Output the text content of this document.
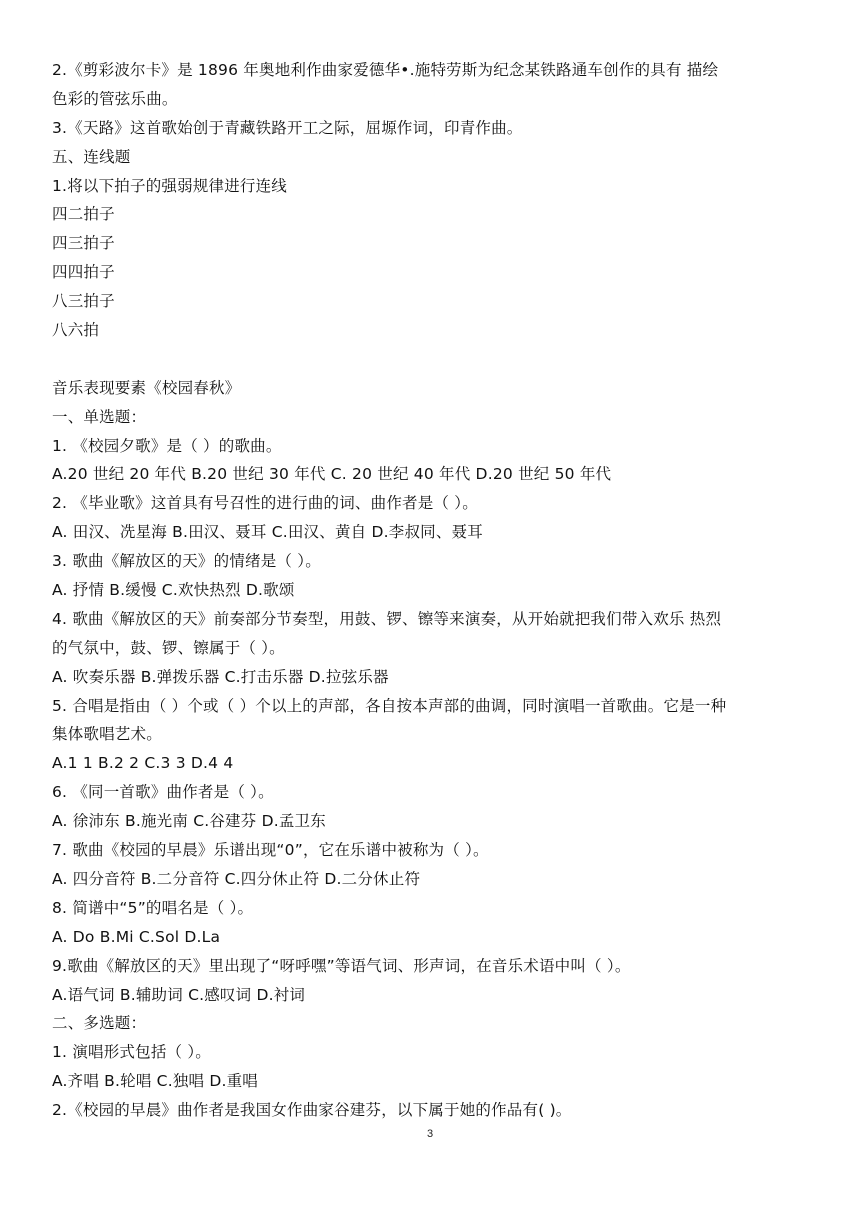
2.《剪彩波尔卡》是 1896 年奥地利作曲家爱德华•.施特劳斯为纪念某铁路通车创作的具有 描绘
色彩的管弦乐曲。
3.《天路》这首歌始创于青藏铁路开工之际，屈塬作词，印青作曲。
五、连线题
1.将以下拍子的强弱规律进行连线
四二拍子
四三拍子
四四拍子
八三拍子
八六拍
音乐表现要素《校园春秋》
一、单选题：
1. 《校园夕歌》是（ ）的歌曲。
A.20 世纪 20 年代 B.20 世纪 30 年代 C. 20 世纪 40 年代 D.20 世纪 50 年代
2. 《毕业歌》这首具有号召性的进行曲的词、曲作者是（ ）。
A. 田汉、冼星海 B.田汉、聂耳 C.田汉、黄自 D.李叔同、聂耳
3. 歌曲《解放区的天》的情绪是（ ）。
A. 抒情 B.缓慢 C.欢快热烈 D.歌颂
4. 歌曲《解放区的天》前奏部分节奏型，用鼓、锣、镲等来演奏，从开始就把我们带入欢乐 热烈
的气氛中，鼓、锣、镲属于（ ）。
A. 吹奏乐器 B.弹拨乐器 C.打击乐器 D.拉弦乐器
5. 合唱是指由（ ）个或（ ）个以上的声部，各自按本声部的曲调，同时演唱一首歌曲。它是一种
集体歌唱艺术。
A.1 1 B.2 2 C.3 3 D.4 4
6. 《同一首歌》曲作者是（ ）。
A. 徐沛东 B.施光南 C.谷建芬 D.孟卫东
7. 歌曲《校园的早晨》乐谱出现“0”，它在乐谱中被称为（ ）。
A. 四分音符 B.二分音符 C.四分休止符 D.二分休止符
8. 简谱中“5”的唱名是（ ）。
A. Do B.Mi C.Sol D.La
9.歌曲《解放区的天》里出现了“呀呼嘿”等语气词、形声词，在音乐术语中叫（ ）。
A.语气词 B.辅助词 C.感叹词 D.衬词
二、多选题：
1. 演唱形式包括（ ）。
A.齐唱 B.轮唱 C.独唱 D.重唱
2.《校园的早晨》曲作者是我国女作曲家谷建芬，以下属于她的作品有( )。
3
